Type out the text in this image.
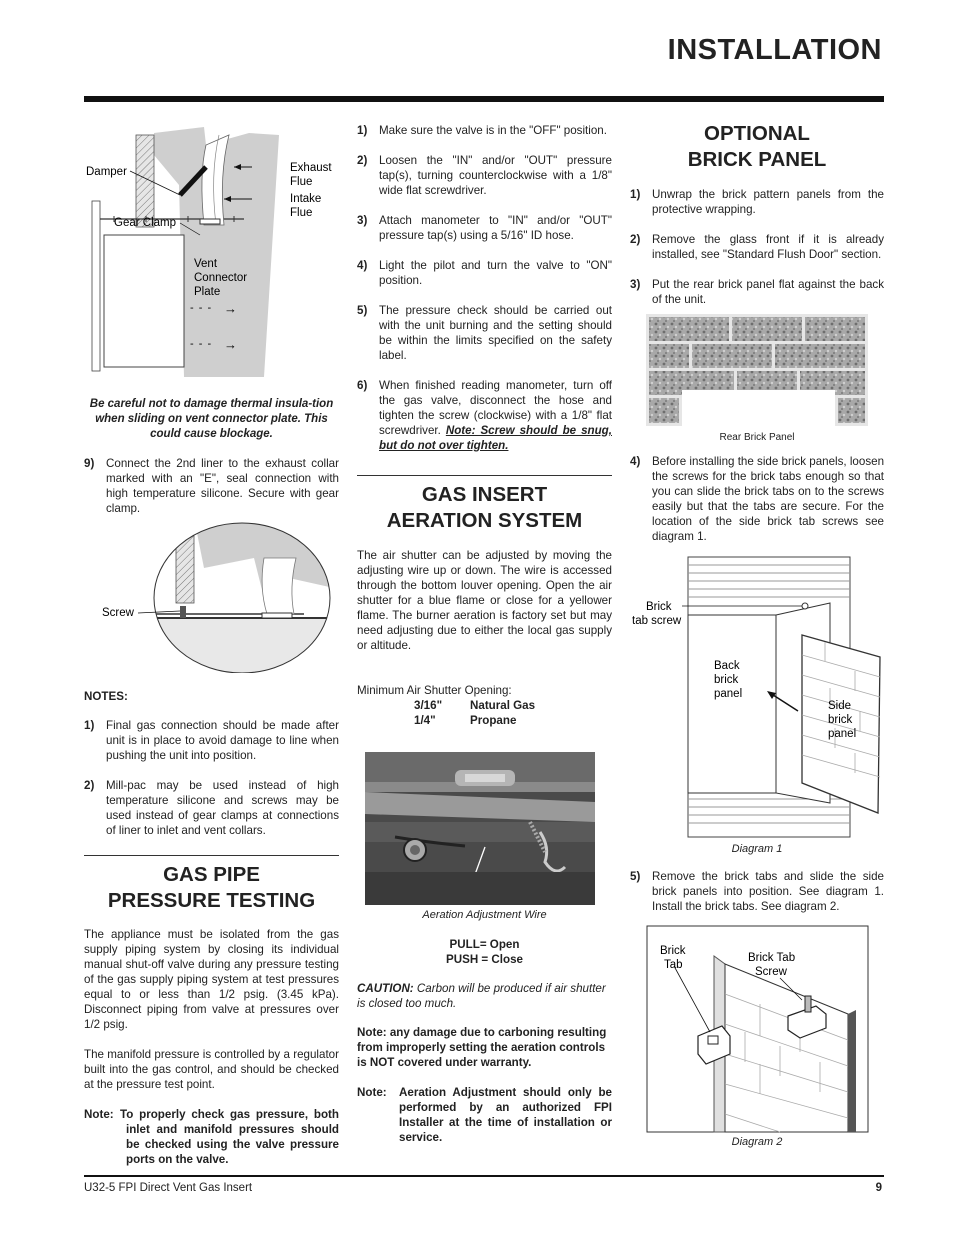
INSTALLATION
- - - →
- - - →
Damper	Exhaust
Flue
Intake
Flue
Gear Clamp
Vent
Connector
Plate
Be careful not to damage thermal insula-tion when sliding on vent connector plate. This could cause blockage.
9)	Connect the 2nd liner to the exhaust collar marked with an "E", seal connection with high temperature silicone. Secure with gear clamp.
Screw
NOTES:
1)	Final gas connection should be made after unit is in place to avoid damage to line when pushing the unit into position.
2)	Mill-pac may be used instead of high temperature silicone and screws may be used instead of gear clamps at connections of liner to inlet and vent collars.
GAS PIPE
PRESSURE TESTING
The appliance must be isolated from the gas supply piping system by closing its individual manual shut-off valve during any pressure testing of the gas supply piping system at test pressures equal to or less than 1/2 psig. (3.45 kPa). Disconnect piping from valve at pressures over 1/2 psig.
The manifold pressure is controlled by a regulator built into the gas control, and should be checked at the pressure test point.
Note: To properly check gas pressure, both inlet and manifold pressures should be checked using the valve pressure ports on the valve.
1)	Make sure the valve is in the "OFF" position.
2)	Loosen the "IN" and/or "OUT" pressure tap(s), turning counterclockwise with a 1/8" wide flat screwdriver.
3)	Attach manometer to "IN" and/or "OUT" pressure tap(s) using a 5/16" ID hose.
4)	Light the pilot and turn the valve to "ON" position.
5)	The pressure check should be carried out with the unit burning and the setting should be within the limits specified on the safety label.
6)	When finished reading manometer, turn off the gas valve, disconnect the hose and tighten the screw (clockwise) with a 1/8" flat screwdriver. Note: Screw should be snug, but do not over tighten.
GAS INSERT
AERATION SYSTEM
The air shutter can be adjusted by moving the adjusting wire up or down. The wire is accessed through the bottom louver opening. Open the air shutter for a blue flame or close for a yellower flame. The burner aeration is factory set but may need adjusting due to either the local gas supply or altitude.
Minimum Air Shutter Opening:
3/16"	Natural Gas
1/4"	Propane
Aeration Adjustment Wire
PULL= Open
PUSH = Close
CAUTION: Carbon will be produced if air shutter is closed too much.
Note: any damage due to carboning resulting from improperly setting the aeration controls is NOT covered under warranty.
Note:	Aeration Adjustment should only be performed by an authorized FPI Installer at the time of installation or service.
OPTIONAL
BRICK PANEL
1)	Unwrap the brick pattern panels from the protective wrapping.
2)	Remove the glass front if it is already installed, see "Standard Flush Door" section.
3)	Put the rear brick panel flat against the back of the unit.
Rear Brick Panel
4)	Before installing the side brick panels, loosen the screws for the brick tabs enough so that you can slide the brick tabs on to the screws easily but that the tabs are secure. For the location of the side brick tab screws see diagram 1.
Brick
tab screw
Back
brick
panel
Side
brick
panel
Diagram 1
5)	Remove the brick tabs and slide the side brick panels into position. See diagram 1. Install the brick tabs. See diagram 2.
Brick
Tab
Brick Tab
Screw
Diagram 2
U32-5 FPI Direct Vent Gas Insert	9
